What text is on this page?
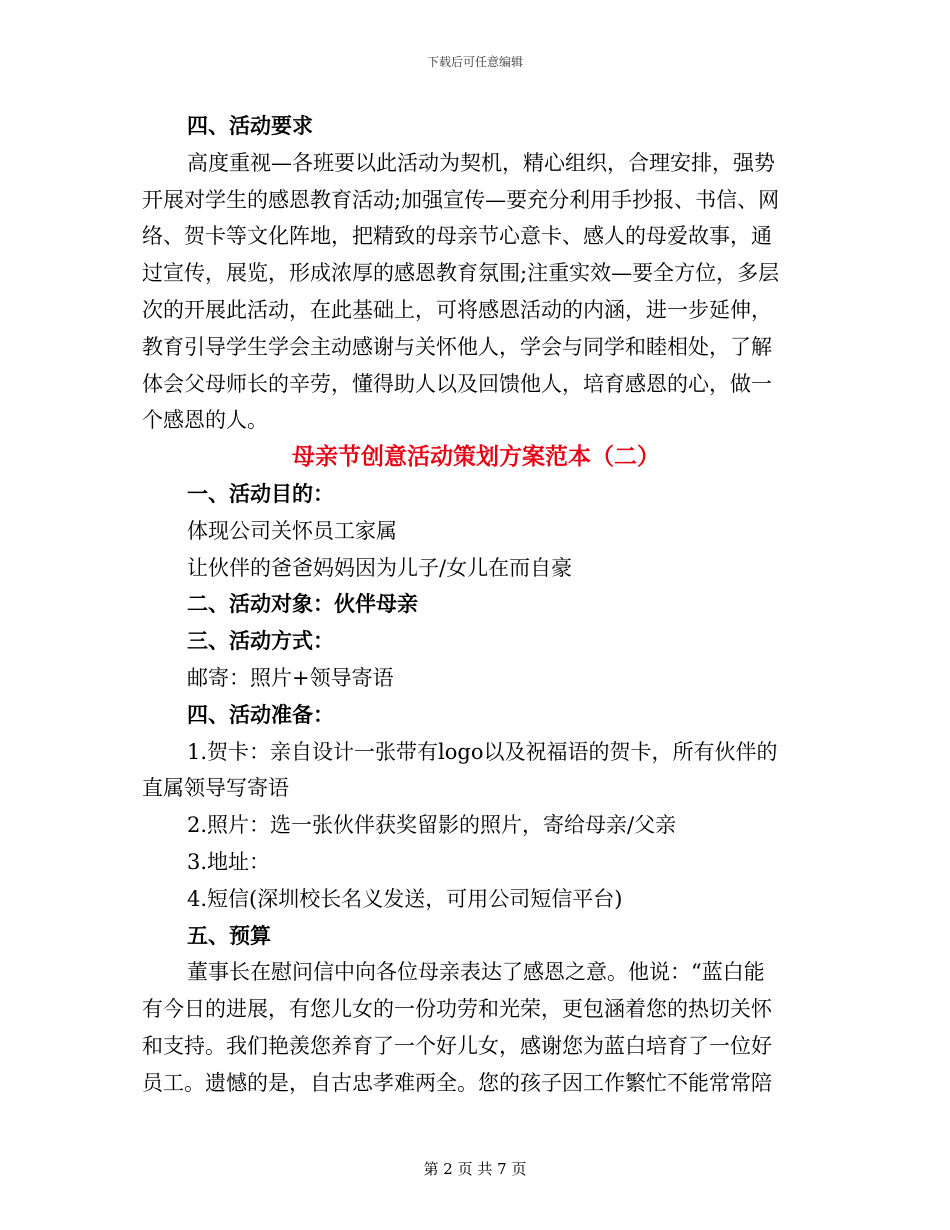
下载后可任意编辑
四、活动要求
高度重视—各班要以此活动为契机，精心组织，合理安排，强势
开展对学生的感恩教育活动;加强宣传—要充分利用手抄报、书信、网
络、贺卡等文化阵地，把精致的母亲节心意卡、感人的母爱故事，通
过宣传，展览，形成浓厚的感恩教育氛围;注重实效—要全方位，多层
次的开展此活动，在此基础上，可将感恩活动的内涵，进一步延伸，
教育引导学生学会主动感谢与关怀他人，学会与同学和睦相处，了解
体会父母师长的辛劳，懂得助人以及回馈他人，培育感恩的心，做一
个感恩的人。
母亲节创意活动策划方案范本（二）
一、活动目的：
体现公司关怀员工家属
让伙伴的爸爸妈妈因为儿子/女儿在而自豪
二、活动对象：伙伴母亲
三、活动方式：
邮寄：照片+领导寄语
四、活动准备：
1.贺卡：亲自设计一张带有logo以及祝福语的贺卡，所有伙伴的
直属领导写寄语
2.照片：选一张伙伴获奖留影的照片，寄给母亲/父亲
3.地址：
4.短信(深圳校长名义发送，可用公司短信平台)
五、预算
董事长在慰问信中向各位母亲表达了感恩之意。他说：“蓝白能
有今日的进展，有您儿女的一份功劳和光荣，更包涵着您的热切关怀
和支持。我们艳羡您养育了一个好儿女，感谢您为蓝白培育了一位好
员工。遗憾的是，自古忠孝难两全。您的孩子因工作繁忙不能常常陪
第 2 页 共 7 页
